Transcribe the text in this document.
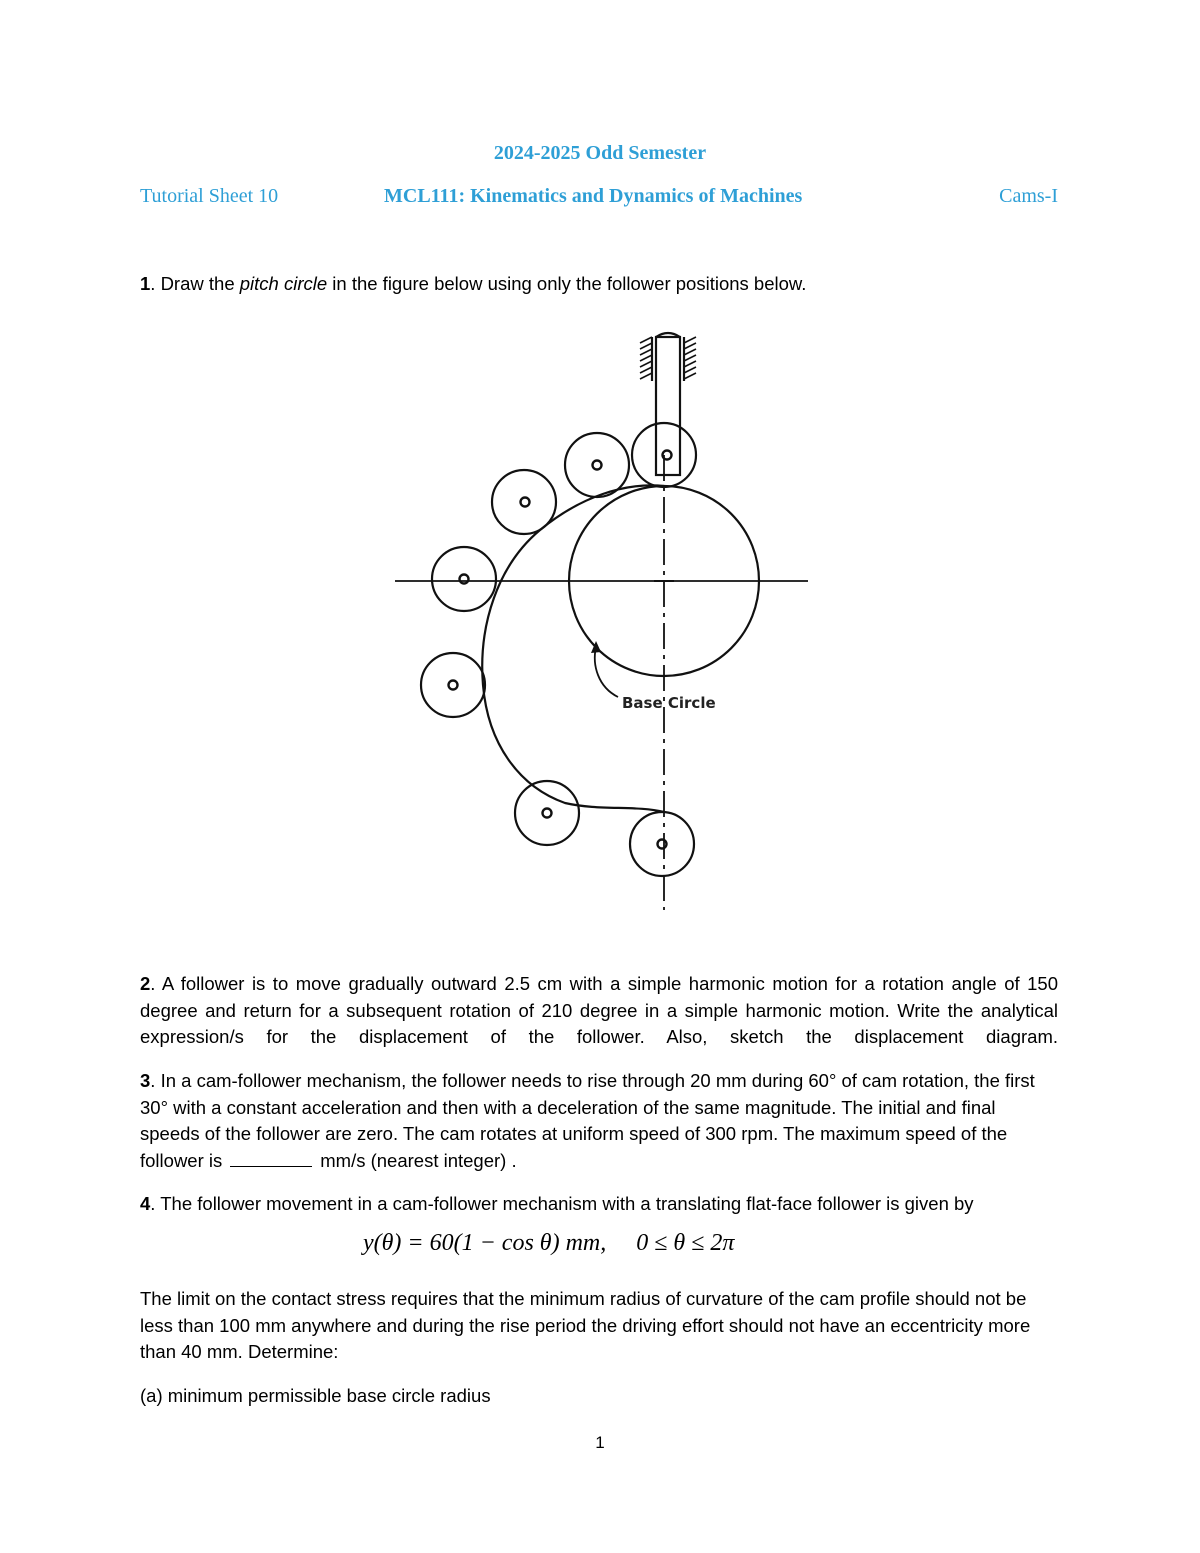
2024-2025 Odd Semester
Tutorial Sheet 10	MCL111: Kinematics and Dynamics of Machines	Cams-I
1. Draw the pitch circle in the figure below using only the follower positions below.
Base Circle
2. A follower is to move gradually outward 2.5 cm with a simple harmonic motion for a rotation angle of 150 degree and return for a subsequent rotation of 210 degree in a simple harmonic motion. Write the analytical expression/s for the displacement of the follower. Also, sketch the displacement diagram.
3. In a cam-follower mechanism, the follower needs to rise through 20 mm during 60° of cam rotation, the first 30° with a constant acceleration and then with a deceleration of the same magnitude. The initial and final speeds of the follower are zero. The cam rotates at uniform speed of 300 rpm. The maximum speed of the follower is	mm/s (nearest integer) .
4. The follower movement in a cam-follower mechanism with a translating flat-face follower is given by
y(θ) = 60(1 − cos θ) mm,     0 ≤ θ ≤ 2π
The limit on the contact stress requires that the minimum radius of curvature of the cam profile should not be less than 100 mm anywhere and during the rise period the driving effort should not have an eccentricity more than 40 mm. Determine:
(a) minimum permissible base circle radius
1
